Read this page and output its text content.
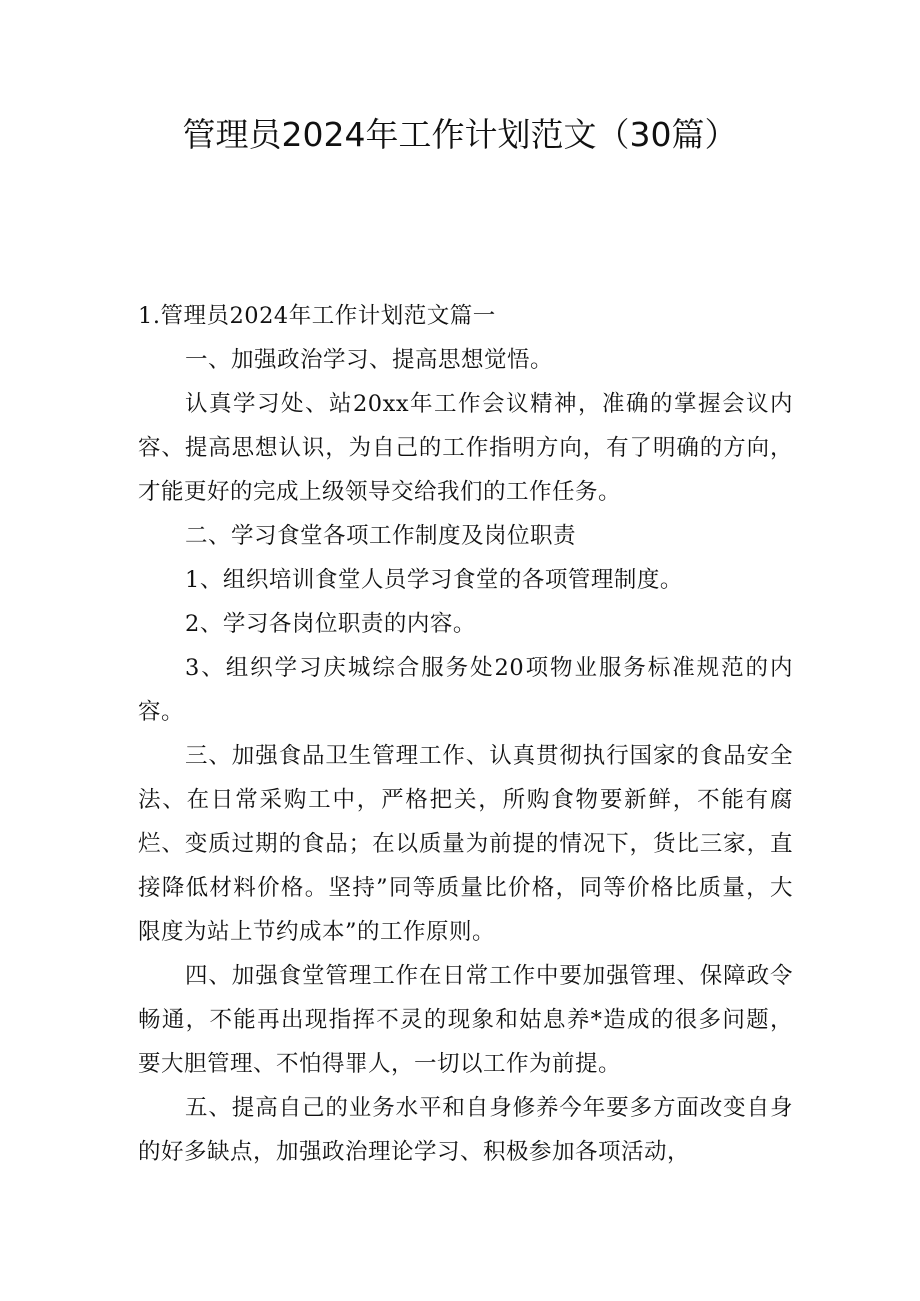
管理员2024年工作计划范文（30篇）

1.管理员2024年工作计划范文篇一

一、加强政治学习、提高思想觉悟。

认真学习处、站20xx年工作会议精神，准确的掌握会议内容、提高思想认识，为自己的工作指明方向，有了明确的方向，才能更好的完成上级领导交给我们的工作任务。

二、学习食堂各项工作制度及岗位职责

1、组织培训食堂人员学习食堂的各项管理制度。

2、学习各岗位职责的内容。

3、组织学习庆城综合服务处20项物业服务标准规范的内容。

三、加强食品卫生管理工作、认真贯彻执行国家的食品安全法、在日常采购工中，严格把关，所购食物要新鲜，不能有腐烂、变质过期的食品；在以质量为前提的情况下，货比三家，直接降低材料价格。坚持”同等质量比价格，同等价格比质量，大限度为站上节约成本”的工作原则。

四、加强食堂管理工作在日常工作中要加强管理、保障政令畅通，不能再出现指挥不灵的现象和姑息养*造成的很多问题，要大胆管理、不怕得罪人，一切以工作为前提。

五、提高自己的业务水平和自身修养今年要多方面改变自身的好多缺点，加强政治理论学习、积极参加各项活动，
